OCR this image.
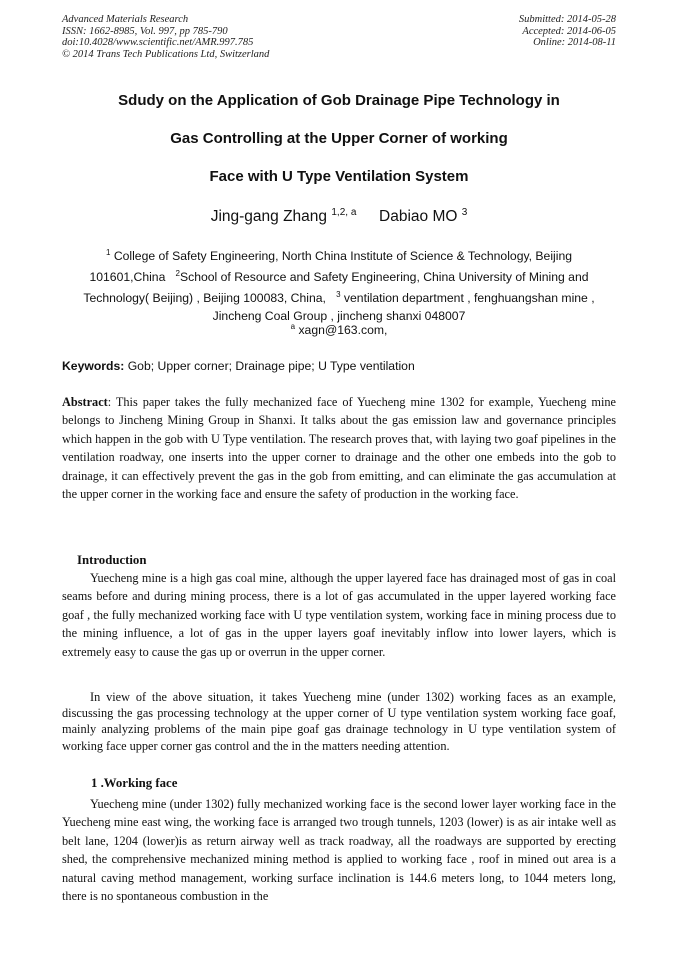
Advanced Materials Research
ISSN: 1662-8985, Vol. 997, pp 785-790
doi:10.4028/www.scientific.net/AMR.997.785
© 2014 Trans Tech Publications Ltd, Switzerland
Submitted: 2014-05-28
Accepted: 2014-06-05
Online: 2014-08-11
Sdudy on the Application of Gob Drainage Pipe Technology in
Gas Controlling at the Upper Corner of working
Face with U Type Ventilation System
Jing-gang Zhang $^{1,2, a}$ Dabiao MO $^3$
$^1$ College of Safety Engineering, North China Institute of Science & Technology, Beijing
101601,China $^2$School of Resource and Safety Engineering, China University of Mining and
Technology( Beijing) , Beijing 100083, China, $^3$ ventilation department , fenghuangshan mine ,
Jincheng Coal Group , jincheng shanxi 048007
$^a$ xagn@163.com,
Keywords: Gob; Upper corner; Drainage pipe; U Type ventilation
Abstract: This paper takes the fully mechanized face of Yuecheng mine 1302 for example, Yuecheng mine belongs to Jincheng Mining Group in Shanxi. It talks about the gas emission law and governance principles which happen in the gob with U Type ventilation. The research proves that, with laying two goaf pipelines in the ventilation roadway, one inserts into the upper corner to drainage and the other one embeds into the gob to drainage, it can effectively prevent the gas in the gob from emitting, and can eliminate the gas accumulation at the upper corner in the working face and ensure the safety of production in the working face.
Introduction
Yuecheng mine is a high gas coal mine, although the upper layered face has drainaged most of gas in coal seams before and during mining process, there is a lot of gas accumulated in the upper layered working face goaf , the fully mechanized working face with U type ventilation system, working face in mining process due to the mining influence, a lot of gas in the upper layers goaf inevitably inflow into lower layers, which is extremely easy to cause the gas up or overrun in the upper corner.
In view of the above situation, it takes Yuecheng mine (under 1302) working faces as an example, discussing the gas processing technology at the upper corner of U type ventilation system working face goaf, mainly analyzing problems of the main pipe goaf gas drainage technology in U type ventilation system of working face upper corner gas control and the in the matters needing attention.
1 .Working face
Yuecheng mine (under 1302) fully mechanized working face is the second lower layer working face in the Yuecheng mine east wing, the working face is arranged two trough tunnels, 1203 (lower) is as air intake well as belt lane, 1204 (lower)is as return airway well as track roadway, all the roadways are supported by erecting shed, the comprehensive mechanized mining method is applied to working face , roof in mined out area is a natural caving method management, working surface inclination is 144.6 meters long, to 1044 meters long, there is no spontaneous combustion in the
